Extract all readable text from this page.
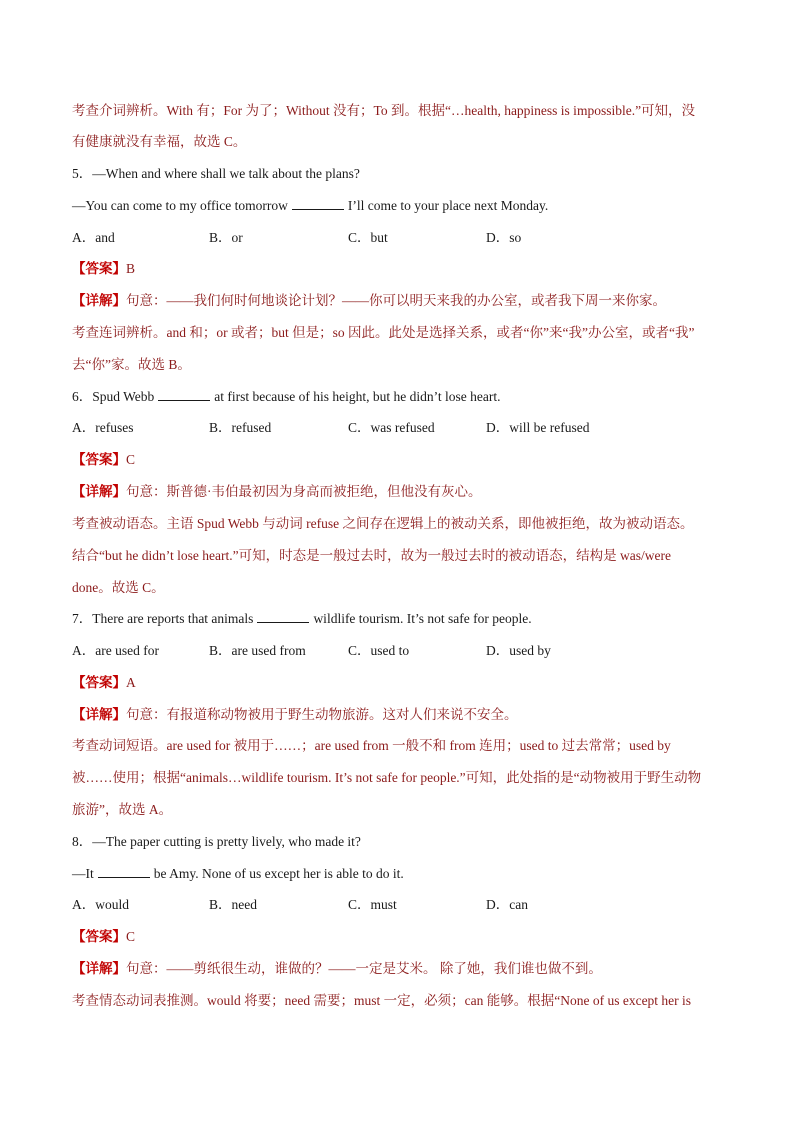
考查介词辨析。With 有；For 为了；Without 没有；To 到。根据“…health, happiness is impossible.”可知，没
有健康就没有幸福，故选 C。
5．—When and where shall we talk about the plans?
—You can come to my office tomorrow	I’ll come to your place next Monday.
A．and	B．or	C．but	D．so
【答案】B
【详解】句意：——我们何时何地谈论计划？——你可以明天来我的办公室，或者我下周一来你家。
考查连词辨析。and 和；or 或者；but 但是；so 因此。此处是选择关系，或者“你”来“我”办公室，或者“我”
去“你”家。故选 B。
6．Spud Webb	at first because of his height, but he didn’t lose heart.
A．refuses	B．refused	C．was refused	D．will be refused
【答案】C
【详解】句意：斯普德·韦伯最初因为身高而被拒绝，但他没有灰心。
考查被动语态。主语 Spud Webb 与动词 refuse 之间存在逻辑上的被动关系，即他被拒绝，故为被动语态。
结合“but he didn’t lose heart.”可知，时态是一般过去时，故为一般过去时的被动语态，结构是 was/were
done。故选 C。
7．There are reports that animals	wildlife tourism. It’s not safe for people.
A．are used for	B．are used from	C．used to	D．used by
【答案】A
【详解】句意：有报道称动物被用于野生动物旅游。这对人们来说不安全。
考查动词短语。are used for 被用于……；are used from 一般不和 from 连用；used to 过去常常；used by
被……使用；根据“animals…wildlife tourism. It’s not safe for people.”可知，此处指的是“动物被用于野生动物
旅游”，故选 A。
8．—The paper cutting is pretty lively, who made it?
—It	be Amy. None of us except her is able to do it.
A．would	B．need	C．must	D．can
【答案】C
【详解】句意：——剪纸很生动，谁做的？——一定是艾米。 除了她，我们谁也做不到。
考查情态动词表推测。would 将要；need 需要；must 一定，必须；can 能够。根据“None of us except her is
